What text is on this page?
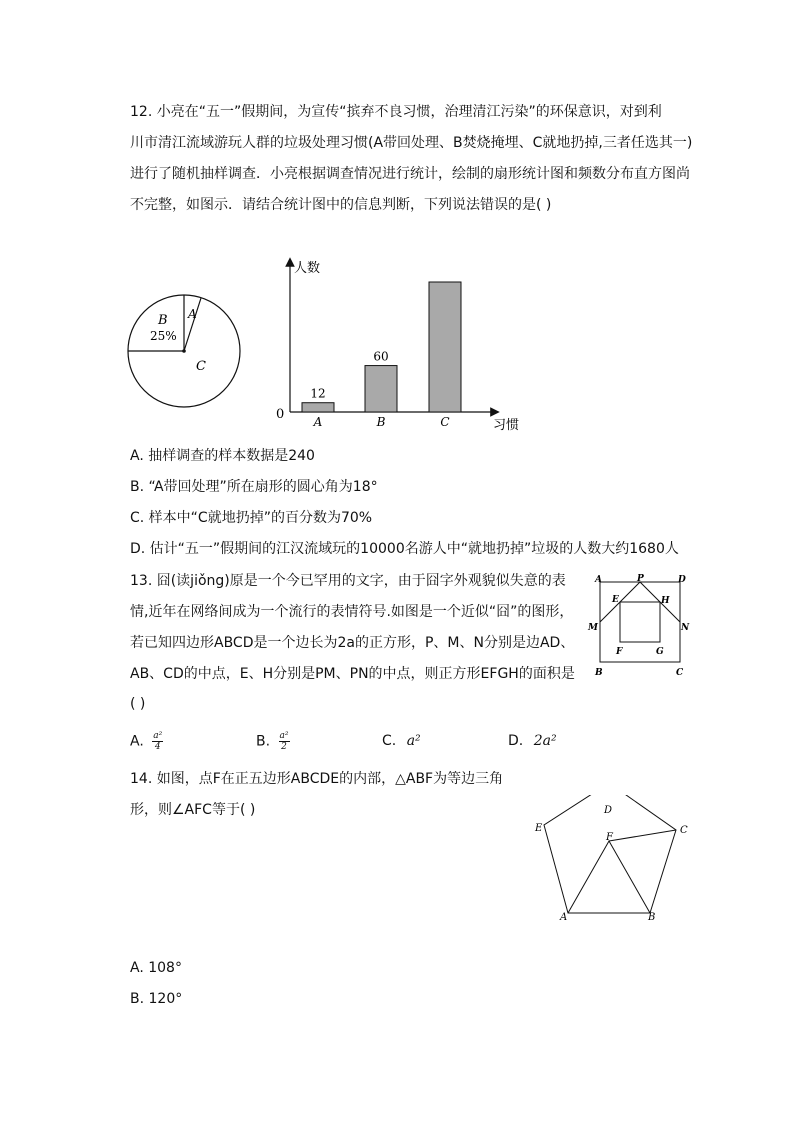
12. 小亮在“五一”假期间，为宣传“摈弃不良习惯，治理清江污染”的环保意识，对到利
川市清江流域游玩人群的垃圾处理习惯(A带回处理、B焚烧掩埋、C就地扔掉,三者任选其一)
进行了随机抽样调查．小亮根据调查情况进行统计，绘制的扇形统计图和频数分布直方图尚
不完整，如图示．请结合统计图中的信息判断，下列说法错误的是( )
A
B
25%
C
人数
习惯
0 A
12
B
60
C
A. 抽样调查的样本数据是240
B. “A带回处理”所在扇形的圆心角为18°
C. 样本中“C就地扔掉”的百分数为70%
D. 估计“五一”假期间的江汉流域玩的10000名游人中“就地扔掉”垃圾的人数大约1680人
13. 囧(读jiǒng)原是一个今已罕用的文字，由于囧字外观貌似失意的表
情,近年在网络间成为一个流行的表情符号.如图是一个近似“囧”的图形，
若已知四边形ABCD是一个边长为2a的正方形，P、M、N分别是边AD、
AB、CD的中点，E、H分别是PM、PN的中点，则正方形EFGH的面积是
( )
A	P	D
E	H
M	N
F	G
B	C
A. $\frac{\text{a²}}{4}$	B. $\frac{\text{a²}}{2}$	C. a²	D. 2a²
14. 如图，点F在正五边形ABCDE的内部，△ABF为等边三角
形，则∠AFC等于( )	D
E	C
F
A	B
A. 108°
B. 120°
